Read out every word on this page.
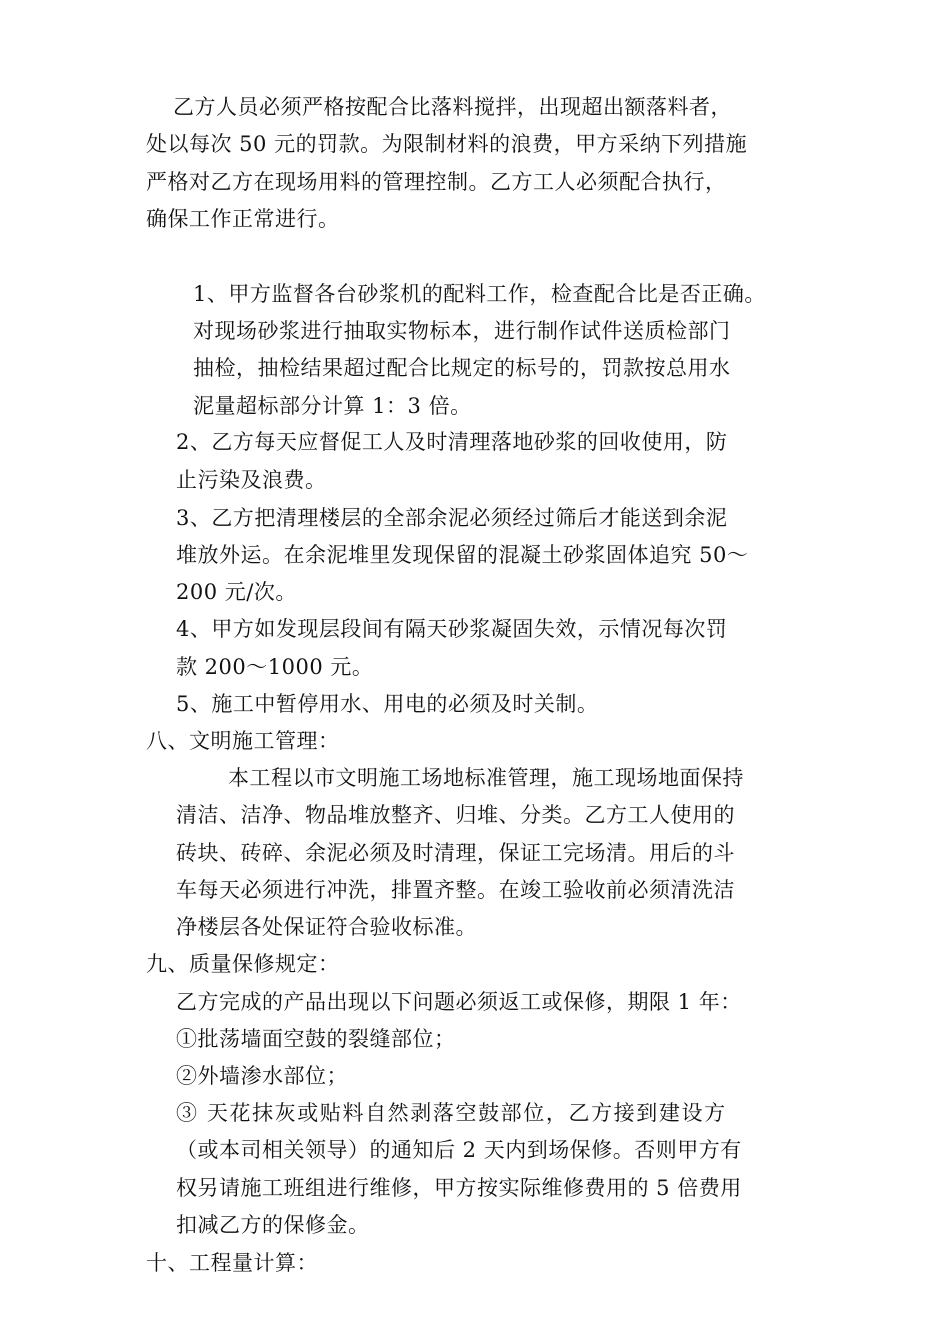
乙方人员必须严格按配合比落料搅拌，出现超出额落料者，
处以每次 50 元的罚款。为限制材料的浪费，甲方采纳下列措施
严格对乙方在现场用料的管理控制。乙方工人必须配合执行，
确保工作正常进行。
1、甲方监督各台砂浆机的配料工作，检查配合比是否正确。
对现场砂浆进行抽取实物标本，进行制作试件送质检部门
抽检，抽检结果超过配合比规定的标号的，罚款按总用水
泥量超标部分计算 1：3 倍。
2、乙方每天应督促工人及时清理落地砂浆的回收使用，防
止污染及浪费。
3、乙方把清理楼层的全部余泥必须经过筛后才能送到余泥
堆放外运。在余泥堆里发现保留的混凝土砂浆固体追究 50～
200 元/次。
4、甲方如发现层段间有隔天砂浆凝固失效，示情况每次罚
款 200～1000 元。
5、施工中暂停用水、用电的必须及时关制。
八、文明施工管理：
本工程以市文明施工场地标准管理，施工现场地面保持
清洁、洁净、物品堆放整齐、归堆、分类。乙方工人使用的
砖块、砖碎、余泥必须及时清理，保证工完场清。用后的斗
车每天必须进行冲洗，排置齐整。在竣工验收前必须清洗洁
净楼层各处保证符合验收标准。
九、质量保修规定：
乙方完成的产品出现以下问题必须返工或保修，期限 1 年：
①批荡墙面空鼓的裂缝部位；
②外墙渗水部位；
③ 天花抹灰或贴料自然剥落空鼓部位，乙方接到建设方
（或本司相关领导）的通知后 2 天内到场保修。否则甲方有
权另请施工班组进行维修，甲方按实际维修费用的 5 倍费用
扣减乙方的保修金。
十、工程量计算：
